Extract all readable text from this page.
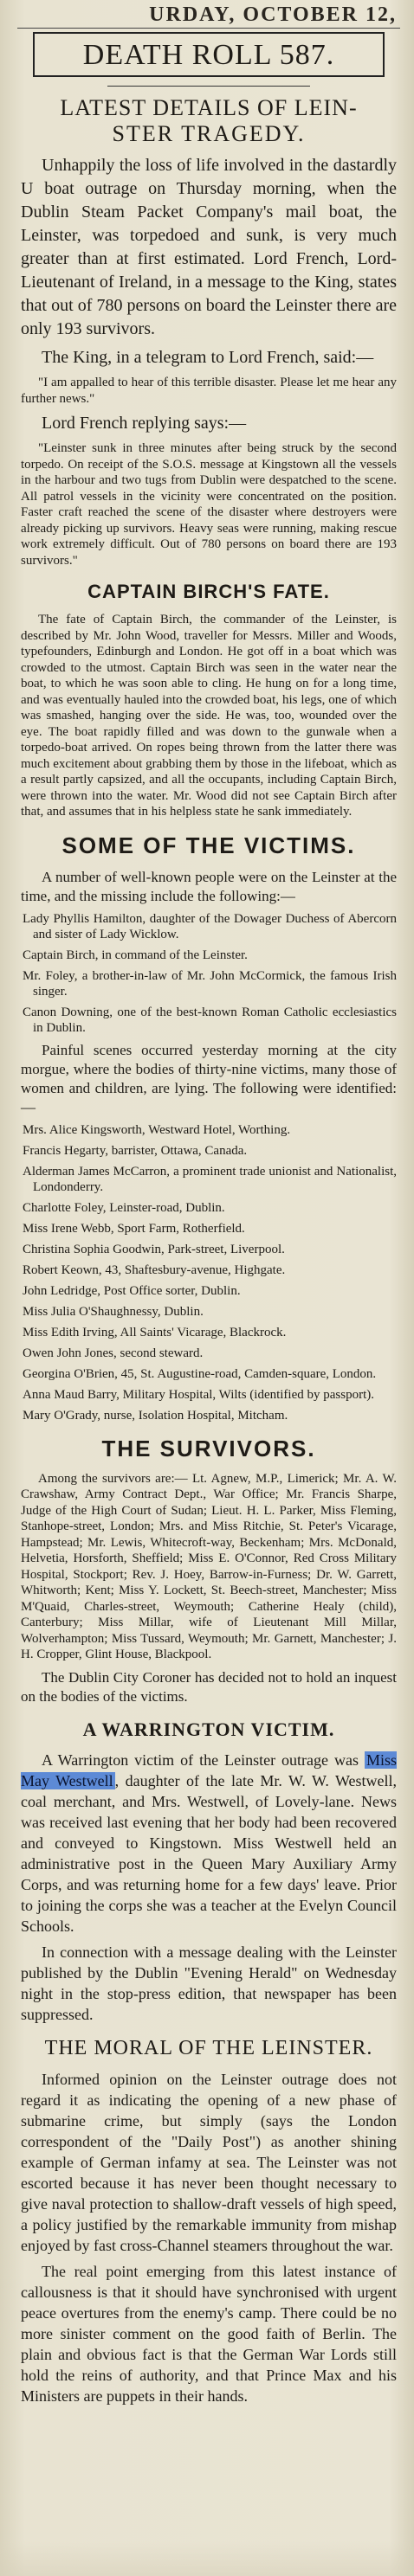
URDAY, OCTOBER 12,
DEATH ROLL 587.
LATEST DETAILS OF LEIN-
STER TRAGEDY.

Unhappily the loss of life involved in the dastardly U boat outrage on Thursday morning, when the Dublin Steam Packet Company's mail boat, the Leinster, was torpedoed and sunk, is very much greater than at first estimated. Lord French, Lord-Lieutenant of Ireland, in a message to the King, states that out of 780 persons on board the Leinster there are only 193 survivors.

The King, in a telegram to Lord French, said:—

"I am appalled to hear of this terrible disaster. Please let me hear any further news."

Lord French replying says:—

"Leinster sunk in three minutes after being struck by the second torpedo. On receipt of the S.O.S. message at Kingstown all the vessels in the harbour and two tugs from Dublin were despatched to the scene. All patrol vessels in the vicinity were concentrated on the position. Faster craft reached the scene of the disaster where destroyers were already picking up survivors. Heavy seas were running, making rescue work extremely difficult. Out of 780 persons on board there are 193 survivors."

CAPTAIN BIRCH'S FATE.

The fate of Captain Birch, the commander of the Leinster, is described by Mr. John Wood, traveller for Messrs. Miller and Woods, typefounders, Edinburgh and London. He got off in a boat which was crowded to the utmost. Captain Birch was seen in the water near the boat, to which he was soon able to cling. He hung on for a long time, and was eventually hauled into the crowded boat, his legs, one of which was smashed, hanging over the side. He was, too, wounded over the eye. The boat rapidly filled and was down to the gunwale when a torpedo-boat arrived. On ropes being thrown from the latter there was much excitement about grabbing them by those in the lifeboat, which as a result partly capsized, and all the occupants, including Captain Birch, were thrown into the water. Mr. Wood did not see Captain Birch after that, and assumes that in his helpless state he sank immediately.

SOME OF THE VICTIMS.

A number of well-known people were on the Leinster at the time, and the missing include the following:—

Lady Phyllis Hamilton, daughter of the Dowager Duchess of Abercorn and sister of Lady Wicklow.

Captain Birch, in command of the Leinster.

Mr. Foley, a brother-in-law of Mr. John McCormick, the famous Irish singer.

Canon Downing, one of the best-known Roman Catholic ecclesiastics in Dublin.

Painful scenes occurred yesterday morning at the city morgue, where the bodies of thirty-nine victims, many those of women and children, are lying. The following were identified:—

Mrs. Alice Kingsworth, Westward Hotel, Worthing.

Francis Hegarty, barrister, Ottawa, Canada.

Alderman James McCarron, a prominent trade unionist and Nationalist, Londonderry.

Charlotte Foley, Leinster-road, Dublin.

Miss Irene Webb, Sport Farm, Rotherfield.

Christina Sophia Goodwin, Park-street, Liverpool.

Robert Keown, 43, Shaftesbury-avenue, Highgate.

John Ledridge, Post Office sorter, Dublin.

Miss Julia O'Shaughnessy, Dublin.

Miss Edith Irving, All Saints' Vicarage, Blackrock.

Owen John Jones, second steward.

Georgina O'Brien, 45, St. Augustine-road, Camden-square, London.

Anna Maud Barry, Military Hospital, Wilts (identified by passport).

Mary O'Grady, nurse, Isolation Hospital, Mitcham.

THE SURVIVORS.

Among the survivors are:— Lt. Agnew, M.P., Limerick; Mr. A. W. Crawshaw, Army Contract Dept., War Office; Mr. Francis Sharpe, Judge of the High Court of Sudan; Lieut. H. L. Parker, Miss Fleming, Stanhope-street, London; Mrs. and Miss Ritchie, St. Peter's Vicarage, Hampstead; Mr. Lewis, Whitecroft-way, Beckenham; Mrs. McDonald, Helvetia, Horsforth, Sheffield; Miss E. O'Connor, Red Cross Military Hospital, Stockport; Rev. J. Hoey, Barrow-in-Furness; Dr. W. Garrett, Whitworth; Kent; Miss Y. Lockett, St. Beech-street, Manchester; Miss M'Quaid, Charles-street, Weymouth; Catherine Healy (child), Canterbury; Miss Millar, wife of Lieutenant Mill Millar, Wolverhampton; Miss Tussard, Weymouth; Mr. Garnett, Manchester; J. H. Cropper, Glint House, Blackpool.

The Dublin City Coroner has decided not to hold an inquest on the bodies of the victims.

A WARRINGTON VICTIM.

A Warrington victim of the Leinster outrage was Miss May Westwell , daughter of the late Mr. W. W. Westwell, coal merchant, and Mrs. Westwell, of Lovely-lane. News was received last evening that her body had been recovered and conveyed to Kingstown. Miss Westwell held an administrative post in the Queen Mary Auxiliary Army Corps, and was returning home for a few days' leave. Prior to joining the corps she was a teacher at the Evelyn Council Schools.

In connection with a message dealing with the Leinster published by the Dublin "Evening Herald" on Wednesday night in the stop-press edition, that newspaper has been suppressed.

THE MORAL OF THE LEINSTER.

Informed opinion on the Leinster outrage does not regard it as indicating the opening of a new phase of submarine crime, but simply (says the London correspondent of the "Daily Post") as another shining example of German infamy at sea. The Leinster was not escorted because it has never been thought necessary to give naval protection to shallow-draft vessels of high speed, a policy justified by the remarkable immunity from mishap enjoyed by fast cross-Channel steamers throughout the war.

The real point emerging from this latest instance of callousness is that it should have synchronised with urgent peace overtures from the enemy's camp. There could be no more sinister comment on the good faith of Berlin. The plain and obvious fact is that the German War Lords still hold the reins of authority, and that Prince Max and his Ministers are puppets in their hands.
